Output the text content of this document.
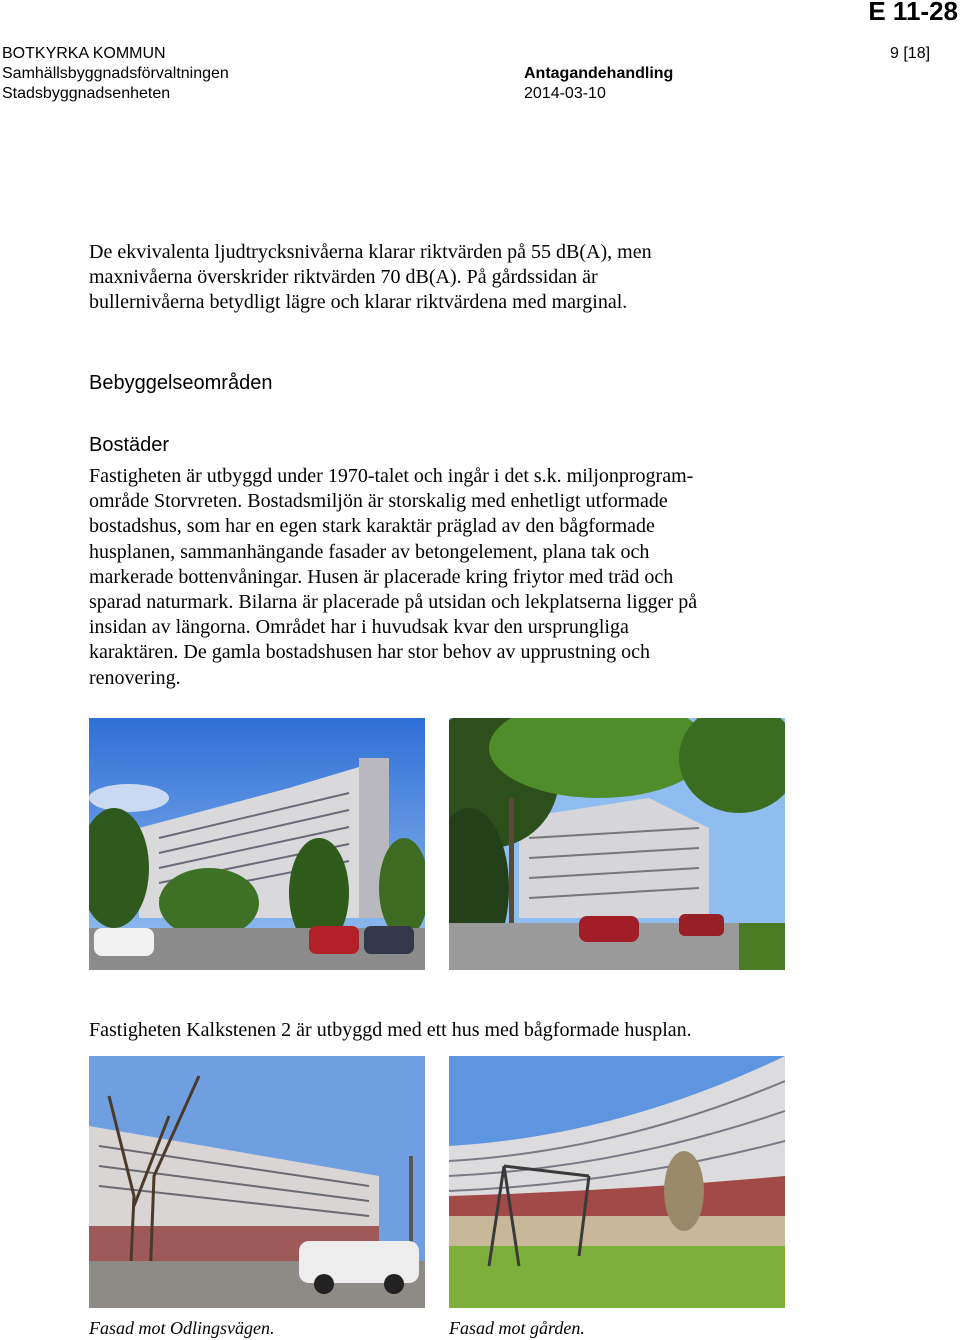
E 11-28
BOTKYRKA KOMMUN
Samhällsbyggnadsförvaltningen
Stadsbyggnadsenheten
Antagandehandling
2014-03-10
9 [18]
De ekvivalenta ljudtrycksnivåerna klarar riktvärden på 55 dB(A), men
maxnivåerna överskrider riktvärden 70 dB(A). På gårdssidan är
bullernivåerna betydligt lägre och klarar riktvärdena med marginal.
Bebyggelseområden
Bostäder
Fastigheten är utbyggd under 1970-talet och ingår i det s.k. miljonprogram-
område Storvreten. Bostadsmiljön är storskalig med enhetligt utformade
bostadshus, som har en egen stark karaktär präglad av den bågformade
husplanen, sammanhängande fasader av betongelement, plana tak och
markerade bottenvåningar. Husen är placerade kring friytor med träd och
sparad naturmark. Bilarna är placerade på utsidan och lekplatserna ligger på
insidan av längorna. Området har i huvudsak kvar den ursprungliga
karaktären. De gamla bostadshusen har stor behov av upprustning och
renovering.
Fastigheten Kalkstenen 2 är utbyggd med ett hus med bågformade husplan.
Fasad mot Odlingsvägen.	Fasad mot gården.
